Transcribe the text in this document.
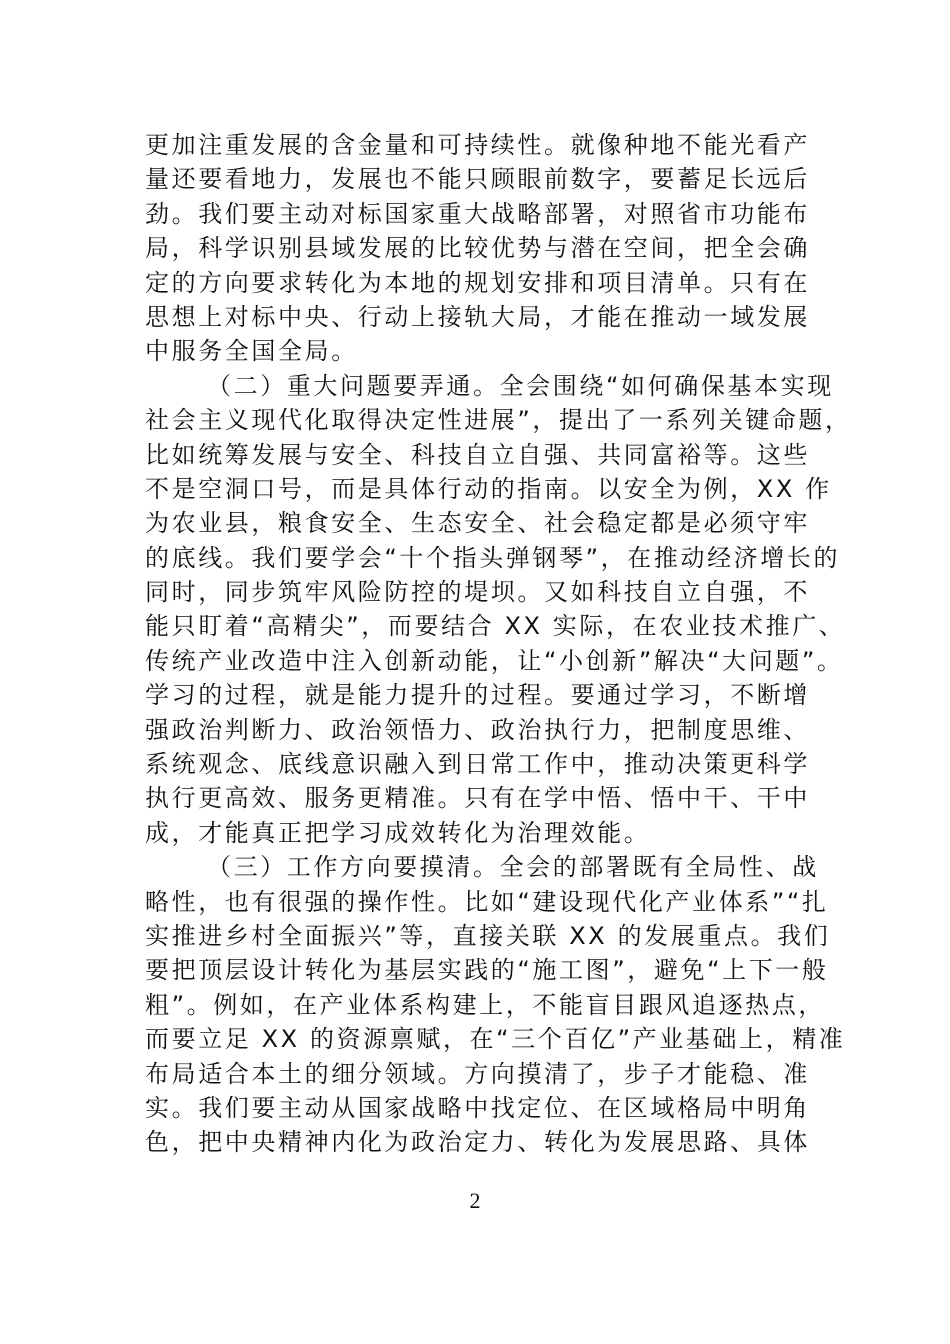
更加注重发展的含金量和可持续性。就像种地不能光看产
量还要看地力，发展也不能只顾眼前数字，要蓄足长远后
劲。我们要主动对标国家重大战略部署，对照省市功能布
局，科学识别县域发展的比较优势与潜在空间，把全会确
定的方向要求转化为本地的规划安排和项目清单。只有在
思想上对标中央、行动上接轨大局，才能在推动一域发展
中服务全国全局。
（二）重大问题要弄通。全会围绕“如何确保基本实现
社会主义现代化取得决定性进展”，提出了一系列关键命题，
比如统筹发展与安全、科技自立自强、共同富裕等。这些
不是空洞口号，而是具体行动的指南。以安全为例，XX 作
为农业县，粮食安全、生态安全、社会稳定都是必须守牢
的底线。我们要学会“十个指头弹钢琴”，在推动经济增长的
同时，同步筑牢风险防控的堤坝。又如科技自立自强，不
能只盯着“高精尖”，而要结合 XX 实际，在农业技术推广、
传统产业改造中注入创新动能，让“小创新”解决“大问题”。
学习的过程，就是能力提升的过程。要通过学习，不断增
强政治判断力、政治领悟力、政治执行力，把制度思维、
系统观念、底线意识融入到日常工作中，推动决策更科学
执行更高效、服务更精准。只有在学中悟、悟中干、干中
成，才能真正把学习成效转化为治理效能。
（三）工作方向要摸清。全会的部署既有全局性、战
略性，也有很强的操作性。比如“建设现代化产业体系”“扎
实推进乡村全面振兴”等，直接关联 XX 的发展重点。我们
要把顶层设计转化为基层实践的“施工图”，避免“上下一般
粗”。例如，在产业体系构建上，不能盲目跟风追逐热点，
而要立足 XX 的资源禀赋，在“三个百亿”产业基础上，精准
布局适合本土的细分领域。方向摸清了，步子才能稳、准
实。我们要主动从国家战略中找定位、在区域格局中明角
色，把中央精神内化为政治定力、转化为发展思路、具体
2
